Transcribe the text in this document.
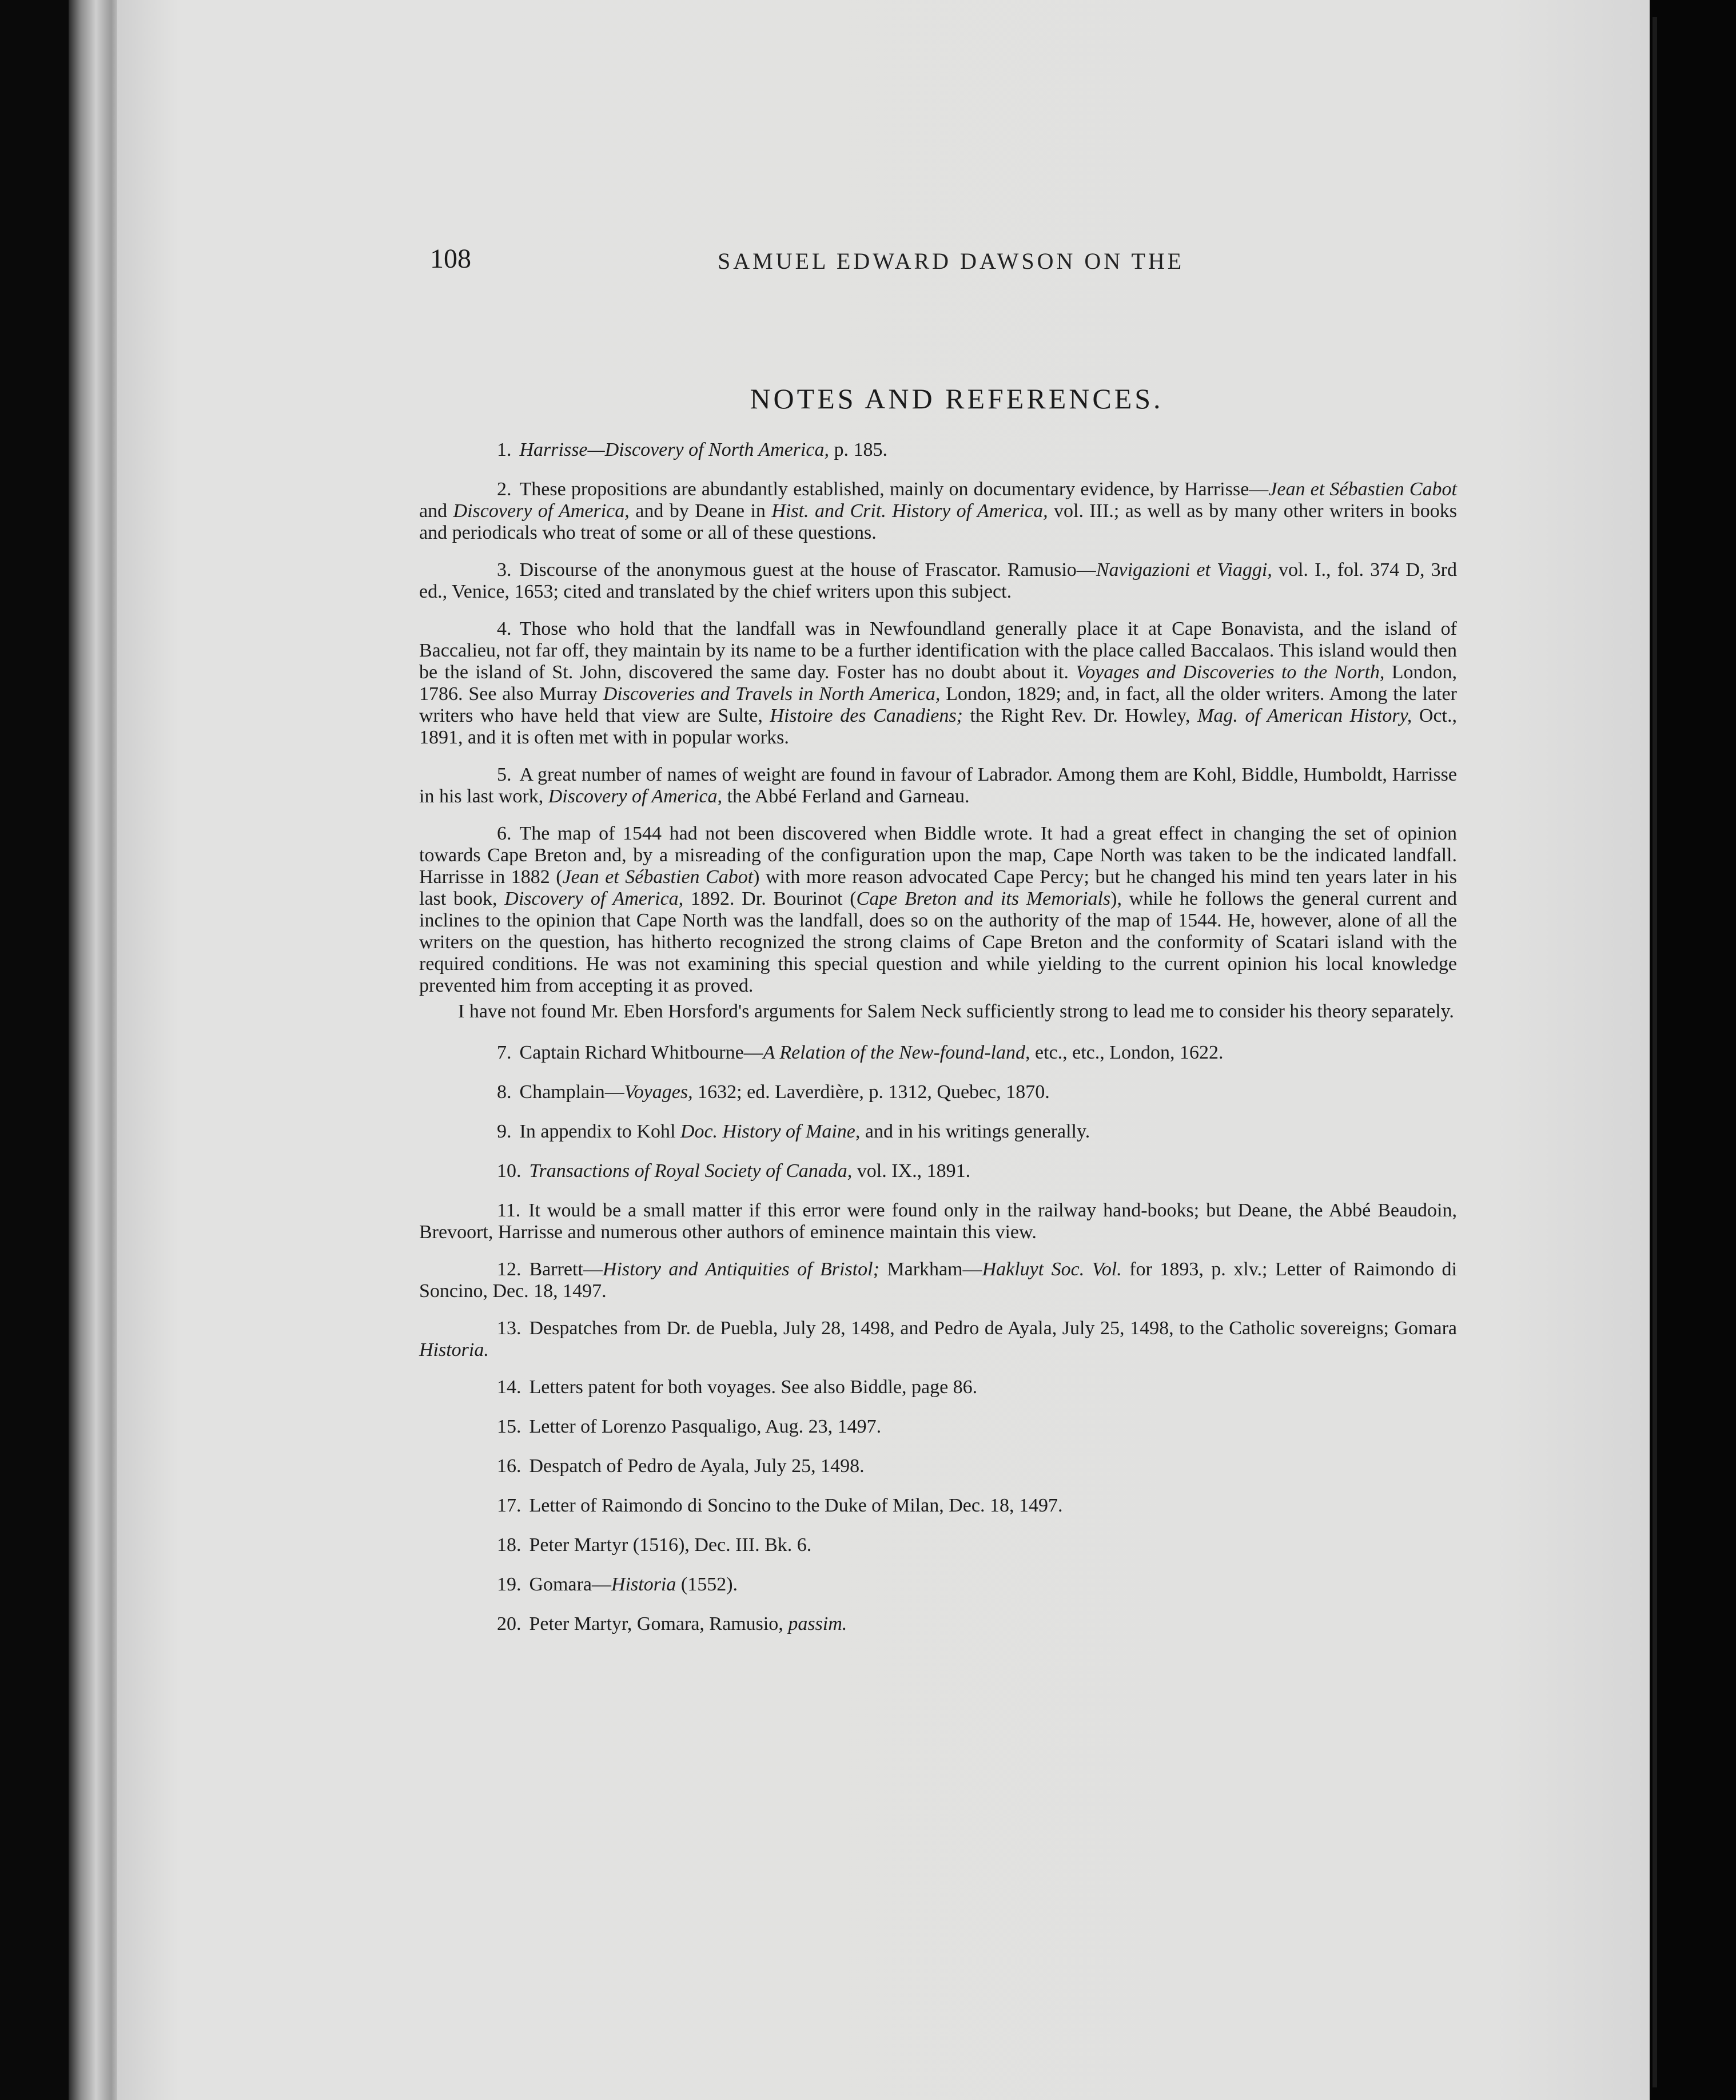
108	SAMUEL EDWARD DAWSON ON THE
NOTES AND REFERENCES.

1. Harrisse—Discovery of North America, p. 185.

2. These propositions are abundantly established, mainly on documentary evidence, by Harrisse—Jean et Sébastien Cabot and Discovery of America, and by Deane in Hist. and Crit. History of America, vol. III.; as well as by many other writers in books and periodicals who treat of some or all of these questions.

3. Discourse of the anonymous guest at the house of Frascator. Ramusio—Navigazioni et Viaggi, vol. I., fol. 374 D, 3rd ed., Venice, 1653; cited and translated by the chief writers upon this subject.

4. Those who hold that the landfall was in Newfoundland generally place it at Cape Bonavista, and the island of Baccalieu, not far off, they maintain by its name to be a further identification with the place called Baccalaos. This island would then be the island of St. John, discovered the same day. Foster has no doubt about it. Voyages and Discoveries to the North, London, 1786. See also Murray Discoveries and Travels in North America, London, 1829; and, in fact, all the older writers. Among the later writers who have held that view are Sulte, Histoire des Canadiens; the Right Rev. Dr. Howley, Mag. of American History, Oct., 1891, and it is often met with in popular works.

5. A great number of names of weight are found in favour of Labrador. Among them are Kohl, Biddle, Humboldt, Harrisse in his last work, Discovery of America, the Abbé Ferland and Garneau.

6. The map of 1544 had not been discovered when Biddle wrote. It had a great effect in changing the set of opinion towards Cape Breton and, by a misreading of the configuration upon the map, Cape North was taken to be the indicated landfall. Harrisse in 1882 (Jean et Sébastien Cabot) with more reason advocated Cape Percy; but he changed his mind ten years later in his last book, Discovery of America, 1892. Dr. Bourinot (Cape Breton and its Memorials), while he follows the general current and inclines to the opinion that Cape North was the landfall, does so on the authority of the map of 1544. He, however, alone of all the writers on the question, has hitherto recognized the strong claims of Cape Breton and the conformity of Scatari island with the required conditions. He was not examining this special question and while yielding to the current opinion his local knowledge prevented him from accepting it as proved.

I have not found Mr. Eben Horsford's arguments for Salem Neck sufficiently strong to lead me to consider his theory separately.

7. Captain Richard Whitbourne—A Relation of the New-found-land, etc., etc., London, 1622.

8. Champlain—Voyages, 1632; ed. Laverdière, p. 1312, Quebec, 1870.

9. In appendix to Kohl Doc. History of Maine, and in his writings generally.

10. Transactions of Royal Society of Canada, vol. IX., 1891.

11. It would be a small matter if this error were found only in the railway hand-books; but Deane, the Abbé Beaudoin, Brevoort, Harrisse and numerous other authors of eminence maintain this view.

12. Barrett—History and Antiquities of Bristol; Markham—Hakluyt Soc. Vol. for 1893, p. xlv.; Letter of Raimondo di Soncino, Dec. 18, 1497.

13. Despatches from Dr. de Puebla, July 28, 1498, and Pedro de Ayala, July 25, 1498, to the Catholic sovereigns; Gomara Historia.

14. Letters patent for both voyages. See also Biddle, page 86.

15. Letter of Lorenzo Pasqualigo, Aug. 23, 1497.

16. Despatch of Pedro de Ayala, July 25, 1498.

17. Letter of Raimondo di Soncino to the Duke of Milan, Dec. 18, 1497.

18. Peter Martyr (1516), Dec. III. Bk. 6.

19. Gomara—Historia (1552).

20. Peter Martyr, Gomara, Ramusio, passim.
